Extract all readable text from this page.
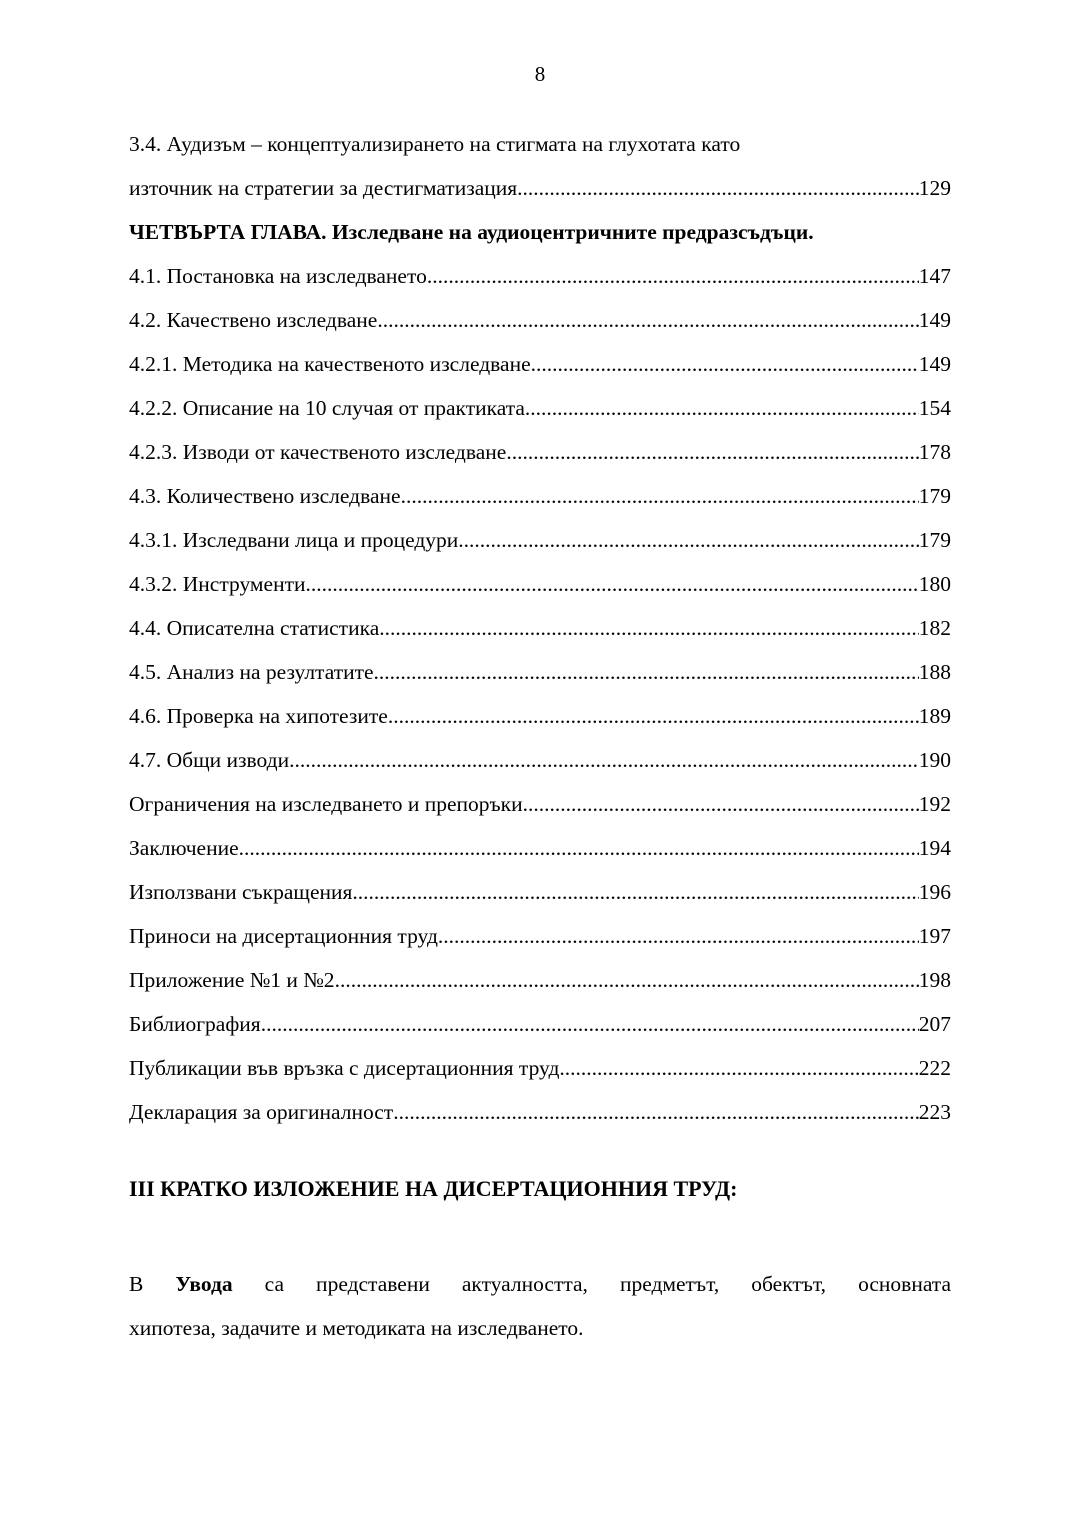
8
3.4. Аудизъм – концептуализирането на стигмата на глухотата като
източник на стратегии за дестигматизация .....	129
ЧЕТВЪРТА ГЛАВА. Изследване на аудиоцентричните предразсъдъци.
4.1. Постановка на изследването .....	147
4.2. Качествено изследване .....	149
4.2.1. Методика на качественото изследване .....	149
4.2.2. Описание на 10 случая от практиката .....	154
4.2.3. Изводи от качественото изследване .....	178
4.3. Количествено изследване .....	179
4.3.1. Изследвани лица и процедури .....	179
4.3.2. Инструменти .....	180
4.4. Описателна статистика .....	182
4.5. Анализ на резултатите .....	188
4.6. Проверка на хипотезите .....	189
4.7. Общи изводи .....	190
Ограничения на изследването и препоръки .....	192
Заключение .....	194
Използвани съкращения .....	196
Приноси на дисертационния труд .....	197
Приложение №1 и №2 .....	198
Библиография .....	207
Публикации във връзка с дисертационния труд .....	222
Декларация за оригиналност .....	223
III КРАТКО ИЗЛОЖЕНИЕ НА ДИСЕРТАЦИОННИЯ ТРУД:
В Увода са представени актуалността, предметът, обектът, основната
хипотеза, задачите и методиката на изследването.
